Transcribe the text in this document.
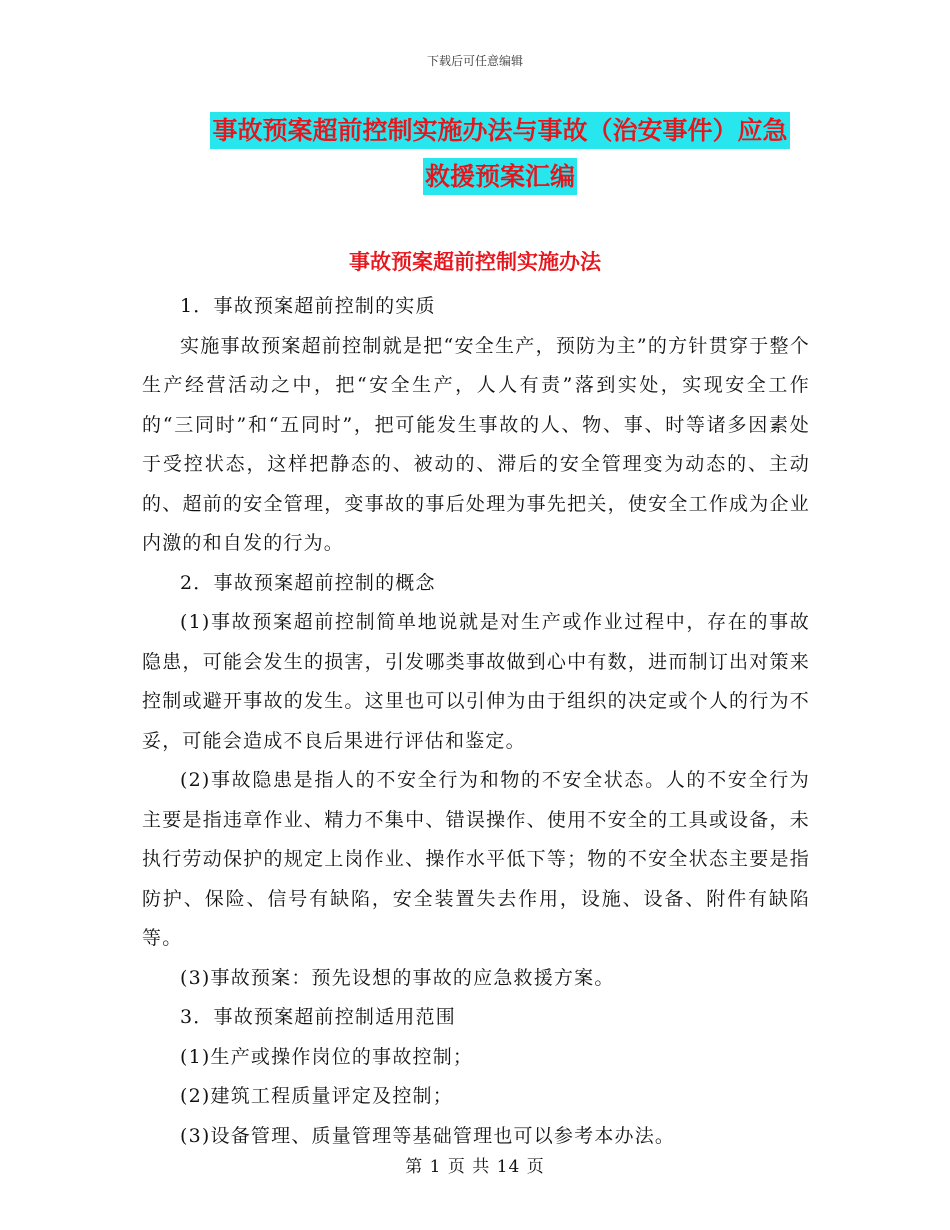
下载后可任意编辑
事故预案超前控制实施办法与事故（治安事件）应急
救援预案汇编
事故预案超前控制实施办法

1．事故预案超前控制的实质

实施事故预案超前控制就是把“安全生产，预防为主”的方针贯穿于整个生产经营活动之中，把“安全生产，人人有责”落到实处，实现安全工作的“三同时”和“五同时”，把可能发生事故的人、物、事、时等诸多因素处于受控状态，这样把静态的、被动的、滞后的安全管理变为动态的、主动的、超前的安全管理，变事故的事后处理为事先把关，使安全工作成为企业内激的和自发的行为。

2．事故预案超前控制的概念

(1)事故预案超前控制简单地说就是对生产或作业过程中，存在的事故隐患，可能会发生的损害，引发哪类事故做到心中有数，进而制订出对策来控制或避开事故的发生。这里也可以引伸为由于组织的决定或个人的行为不妥，可能会造成不良后果进行评估和鉴定。

(2)事故隐患是指人的不安全行为和物的不安全状态。人的不安全行为主要是指违章作业、精力不集中、错误操作、使用不安全的工具或设备，未执行劳动保护的规定上岗作业、操作水平低下等；物的不安全状态主要是指防护、保险、信号有缺陷，安全装置失去作用，设施、设备、附件有缺陷等。

(3)事故预案：预先设想的事故的应急救援方案。

3．事故预案超前控制适用范围

(1)生产或操作岗位的事故控制；

(2)建筑工程质量评定及控制；

(3)设备管理、质量管理等基础管理也可以参考本办法。

第 1 页 共 14 页
